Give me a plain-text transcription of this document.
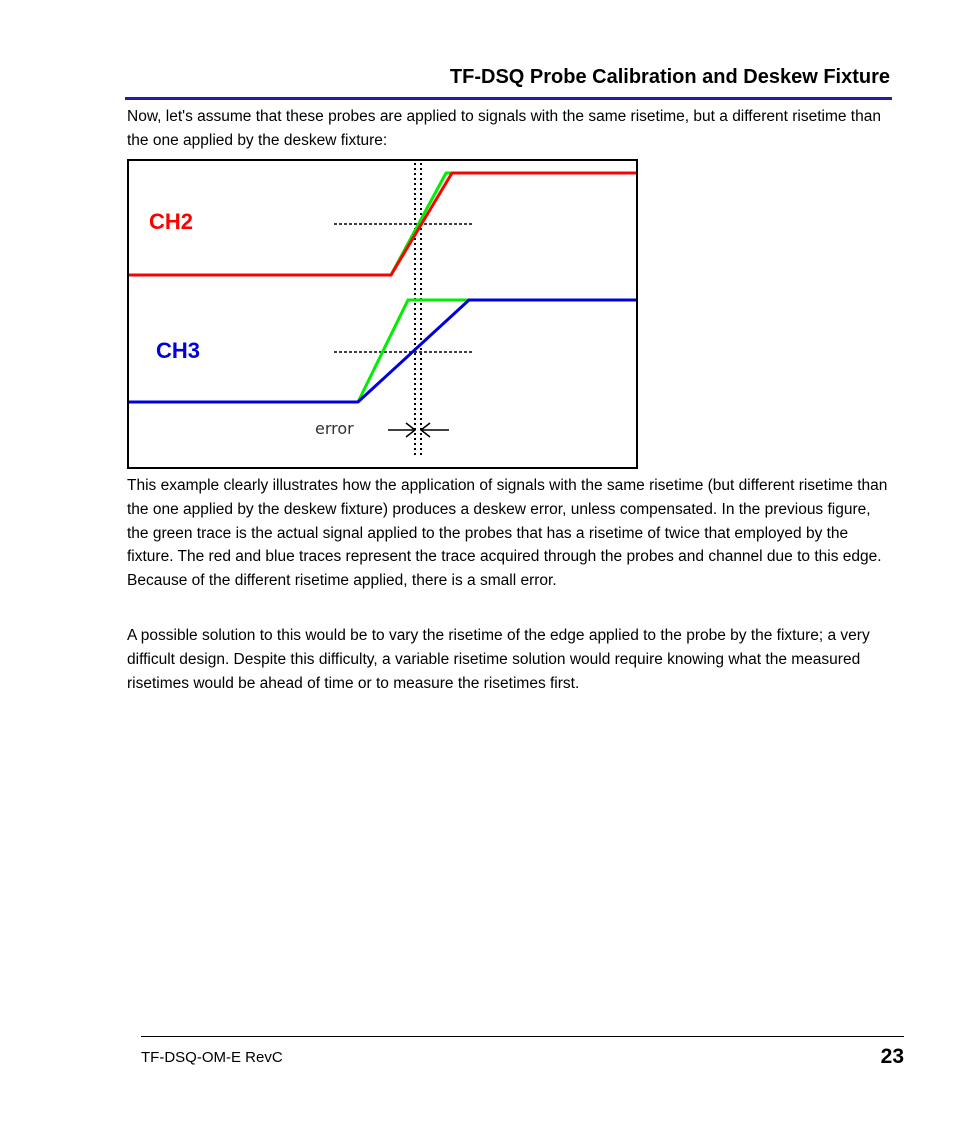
TF-DSQ Probe Calibration and Deskew Fixture

Now, let's assume that these probes are applied to signals with the same risetime, but a different risetime than the one applied by the deskew fixture:

CH2
CH3
error

This example clearly illustrates how the application of signals with the same risetime (but different risetime than the one applied by the deskew fixture) produces a deskew error, unless compensated. In the previous figure, the green trace is the actual signal applied to the probes that has a risetime of twice that employed by the fixture. The red and blue traces represent the trace acquired through the probes and channel due to this edge. Because of the different risetime applied, there is a small error.

A possible solution to this would be to vary the risetime of the edge applied to the probe by the fixture; a very difficult design. Despite this difficulty, a variable risetime solution would require knowing what the measured risetimes would be ahead of time or to measure the risetimes first.

TF-DSQ-OM-E RevC	23
